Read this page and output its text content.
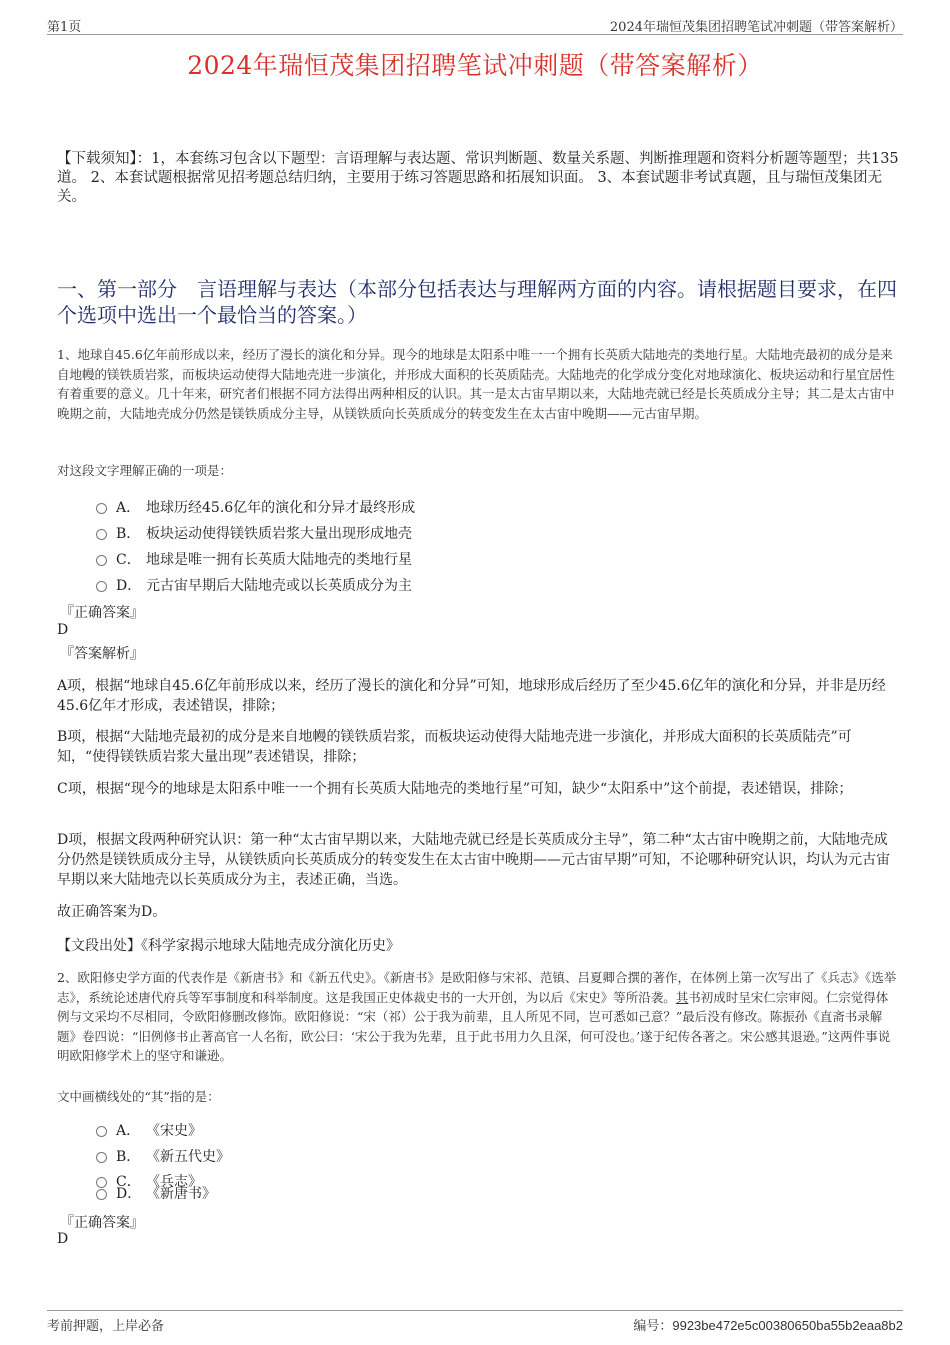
第1页	2024年瑞恒茂集团招聘笔试冲刺题（带答案解析）
2024年瑞恒茂集团招聘笔试冲刺题（带答案解析）
【下载须知】：1，本套练习包含以下题型：言语理解与表达题、常识判断题、数量关系题、判断推理题和资料分析题等题型；共135道。 2、本套试题根据常见招考题总结归纳，主要用于练习答题思路和拓展知识面。 3、本套试题非考试真题，且与瑞恒茂集团无关。
一、第一部分　言语理解与表达（本部分包括表达与理解两方面的内容。请根据题目要求，在四个选项中选出一个最恰当的答案。）
1、地球自45.6亿年前形成以来，经历了漫长的演化和分异。现今的地球是太阳系中唯一一个拥有长英质大陆地壳的类地行星。大陆地壳最初的成分是来自地幔的镁铁质岩浆，而板块运动使得大陆地壳进一步演化，并形成大面积的长英质陆壳。大陆地壳的化学成分变化对地球演化、板块运动和行星宜居性有着重要的意义。几十年来，研究者们根据不同方法得出两种相反的认识。其一是太古宙早期以来，大陆地壳就已经是长英质成分主导；其二是太古宙中晚期之前，大陆地壳成分仍然是镁铁质成分主导，从镁铁质向长英质成分的转变发生在太古宙中晚期——元古宙早期。
对这段文字理解正确的一项是：
A． 地球历经45.6亿年的演化和分异才最终形成
B． 板块运动使得镁铁质岩浆大量出现形成地壳
C． 地球是唯一拥有长英质大陆地壳的类地行星
D． 元古宙早期后大陆地壳或以长英质成分为主
『正确答案』
D
『答案解析』
A项，根据“地球自45.6亿年前形成以来，经历了漫长的演化和分异”可知，地球形成后经历了至少45.6亿年的演化和分异，并非是历经45.6亿年才形成，表述错误，排除；
B项，根据“大陆地壳最初的成分是来自地幔的镁铁质岩浆，而板块运动使得大陆地壳进一步演化，并形成大面积的长英质陆壳”可知，“使得镁铁质岩浆大量出现”表述错误，排除；
C项，根据“现今的地球是太阳系中唯一一个拥有长英质大陆地壳的类地行星”可知，缺少“太阳系中”这个前提，表述错误，排除；
D项，根据文段两种研究认识：第一种“太古宙早期以来，大陆地壳就已经是长英质成分主导”，第二种“太古宙中晚期之前，大陆地壳成分仍然是镁铁质成分主导，从镁铁质向长英质成分的转变发生在太古宙中晚期——元古宙早期”可知，不论哪种研究认识，均认为元古宙早期以来大陆地壳以长英质成分为主，表述正确，当选。
故正确答案为D。
【文段出处】《科学家揭示地球大陆地壳成分演化历史》
2、欧阳修史学方面的代表作是《新唐书》和《新五代史》。《新唐书》是欧阳修与宋祁、范镇、吕夏卿合撰的著作，在体例上第一次写出了《兵志》《选举志》，系统论述唐代府兵等军事制度和科举制度。这是我国正史体裁史书的一大开创，为以后《宋史》等所沿袭。其书初成时呈宋仁宗审阅。仁宗觉得体例与文采均不尽相同，令欧阳修删改修饰。欧阳修说：“宋（祁）公于我为前辈，且人所见不同，岂可悉如己意？”最后没有修改。陈振孙《直斋书录解题》卷四说：“旧例修书止著高官一人名衔，欧公曰：‘宋公于我为先辈，且于此书用力久且深，何可没也。’遂于纪传各著之。宋公感其退逊。”这两件事说明欧阳修学术上的坚守和谦逊。
文中画横线处的“其”指的是：
A． 《宋史》
B． 《新五代史》
C． 《兵志》
D． 《新唐书》
『正确答案』
D
考前押题，上岸必备	编号：9923be472e5c00380650ba55b2eaa8b2
